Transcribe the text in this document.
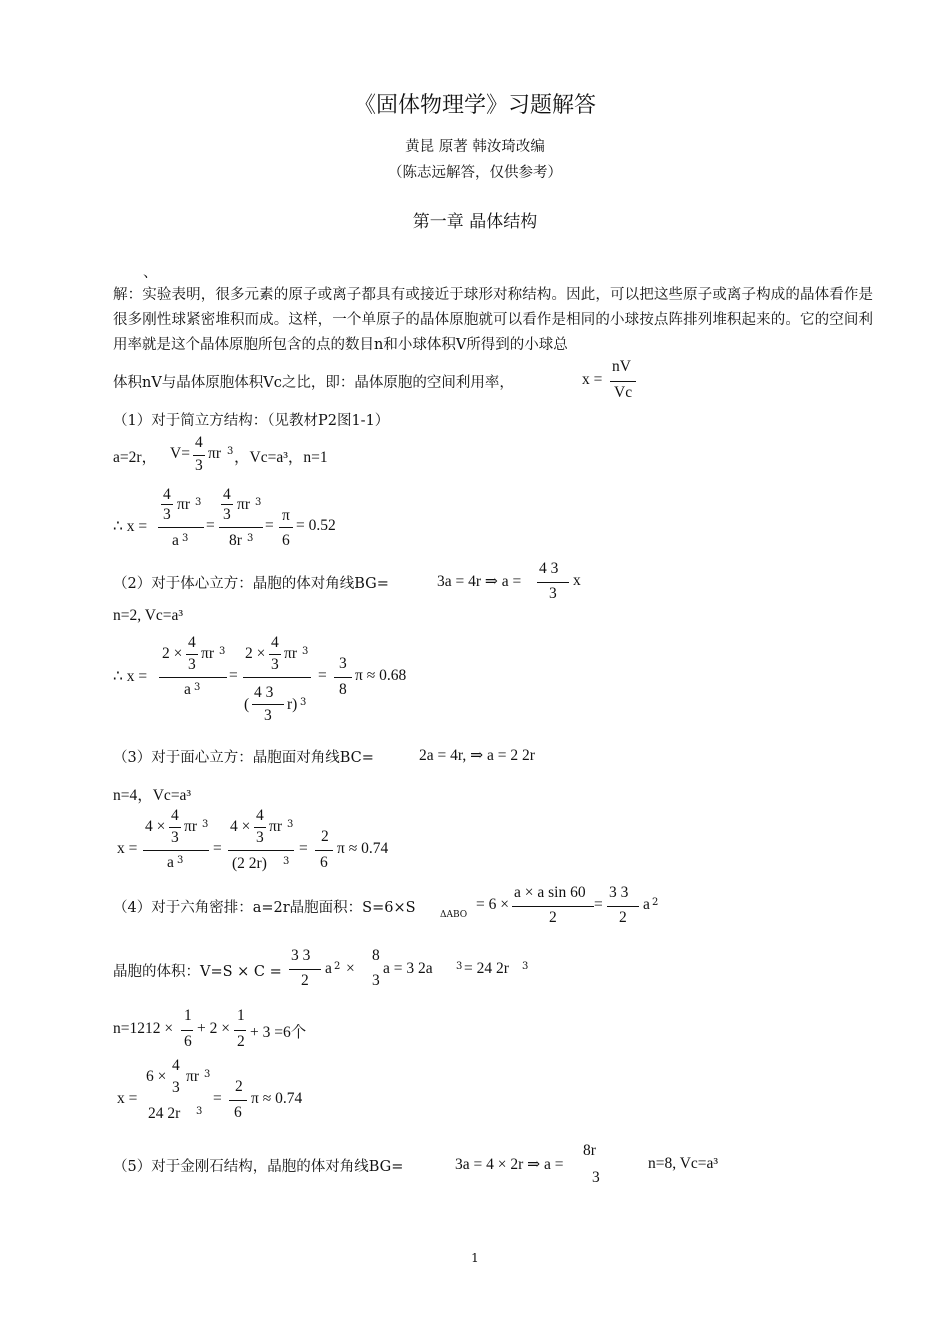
《固体物理学》习题解答
黄昆 原著 韩汝琦改编
（陈志远解答，仅供参考）
第一章 晶体结构
、
解：实验表明，很多元素的原子或离子都具有或接近于球形对称结构。因此，可以把这些原子或离子构成的晶体看作是很多刚性球紧密堆积而成。这样，一个单原子的晶体原胞就可以看作是相同的小球按点阵排列堆积起来的。它的空间利用率就是这个晶体原胞所包含的点的数目n和小球体积V所得到的小球总
体积nV与晶体原胞体积Vc之比，即：晶体原胞的空间利用率，	x =
nV
Vc
（1）对于简立方结构：（见教材P2图1-1）
a=2r， V=
4
3
πr 3 ，Vc=a³，n=1
∴ x =
4
3
πr 3
a 3
=
4
3
πr 3
8r 3
=
π
6
= 0.52
（2）对于体心立方：晶胞的体对角线BG=	3a = 4r ⇒ a =
4 3
3
x
n=2, Vc=a³
∴ x =
2 ×
4
3
πr 3
a 3
=
2 ×
4
3
πr 3
(
4 3
3
r) 3
=
3
8
π ≈ 0.68
（3）对于面心立方：晶胞面对角线BC=	2a = 4r, ⇒ a = 2 2r
n=4，Vc=a³
x =
4 ×
4
3
πr 3
a 3
=
4 ×
4
3
πr 3
(2 2r) 3
=
2
6
π ≈ 0.74
（4）对于六角密排：a=2r晶胞面积：S=6×S	ΔABO
= 6 ×
a × a sin 60
2
=
3 3
2
a 2
晶胞的体积：V=S × C =
3 3
2
a 2 ×
8
3
a = 3 2a 3 = 24 2r 3
n=1212 ×
1
6
+ 2 ×
1
2
+ 3 =6个
x =
6 ×
4
3
πr 3
24 2r 3
=
2
6
π ≈ 0.74
（5）对于金刚石结构，晶胞的体对角线BG=	3a = 4 × 2r ⇒ a =
8r
3
n=8, Vc=a³
1
